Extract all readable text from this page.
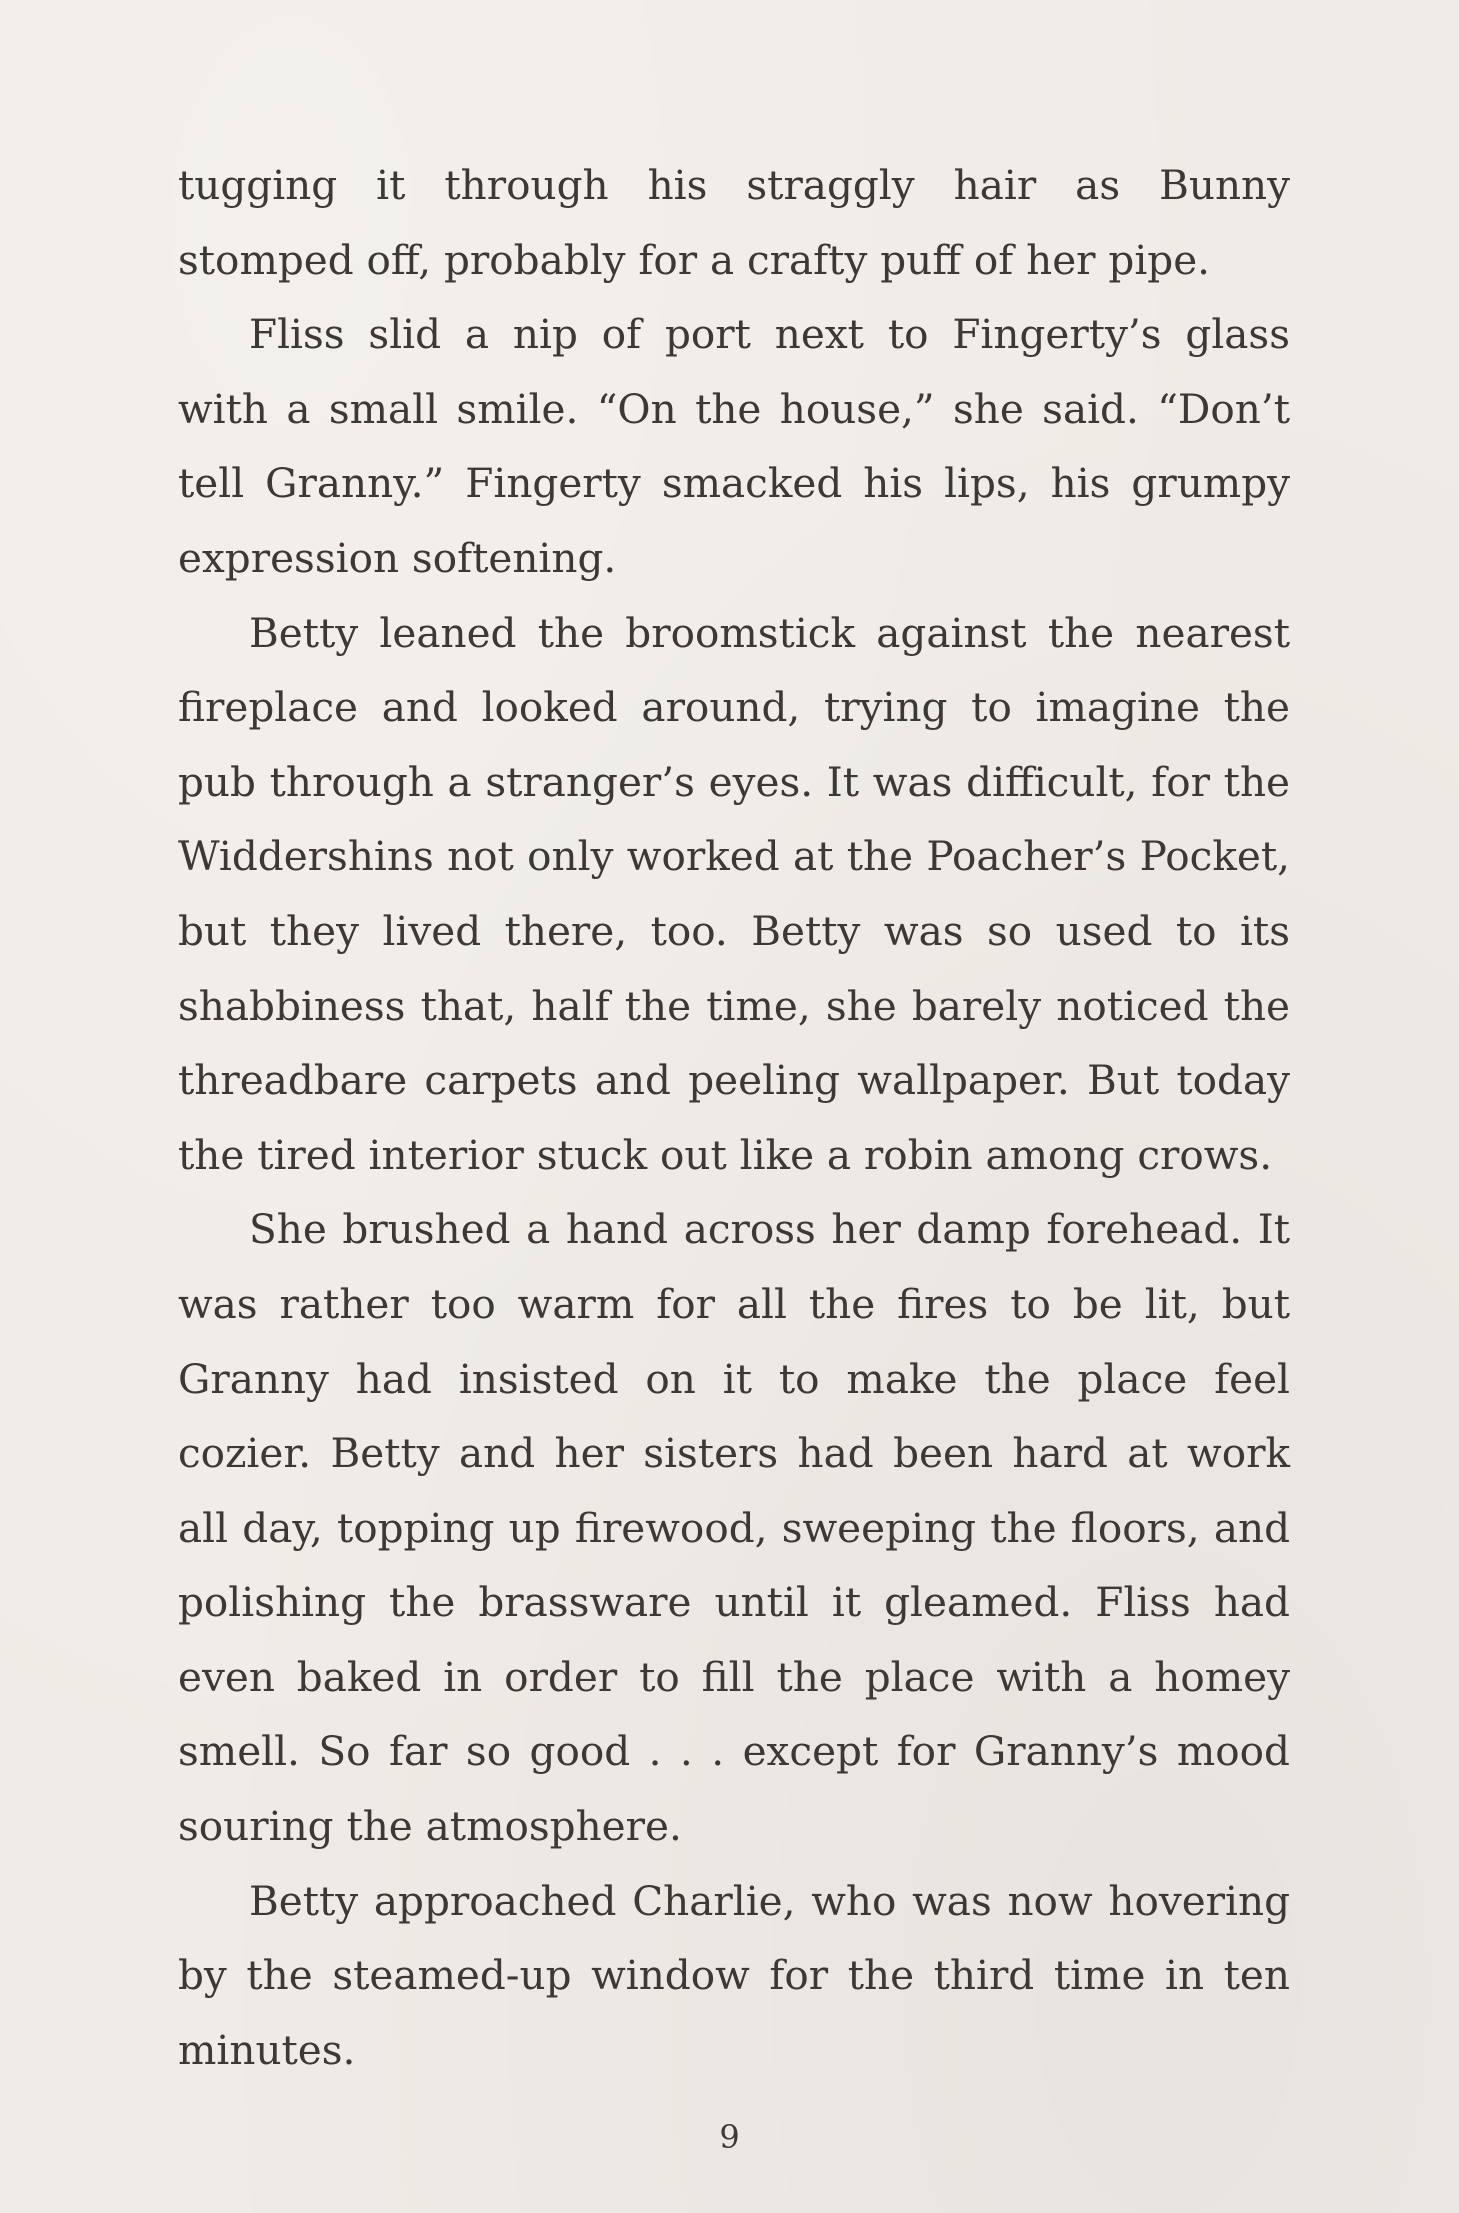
tugging it through his straggly hair as Bunny stomped off, probably for a crafty puff of her pipe.

Fliss slid a nip of port next to Fingerty’s glass with a small smile. “On the house,” she said. “Don’t tell Granny.” Fingerty smacked his lips, his grumpy expression softening.

Betty leaned the broomstick against the nearest fireplace and looked around, trying to imagine the pub through a stranger’s eyes. It was difficult, for the Widdershins not only worked at the Poacher’s Pocket, but they lived there, too. Betty was so used to its shabbiness that, half the time, she barely noticed the threadbare carpets and peeling wallpaper. But today the tired interior stuck out like a robin among crows.

She brushed a hand across her damp forehead. It was rather too warm for all the fires to be lit, but Granny had insisted on it to make the place feel cozier. Betty and her sisters had been hard at work all day, topping up firewood, sweeping the floors, and polishing the brassware until it gleamed. Fliss had even baked in order to fill the place with a homey smell. So far so good . . . except for Granny’s mood souring the atmosphere.

Betty approached Charlie, who was now hovering by the steamed-up window for the third time in ten minutes.

9
